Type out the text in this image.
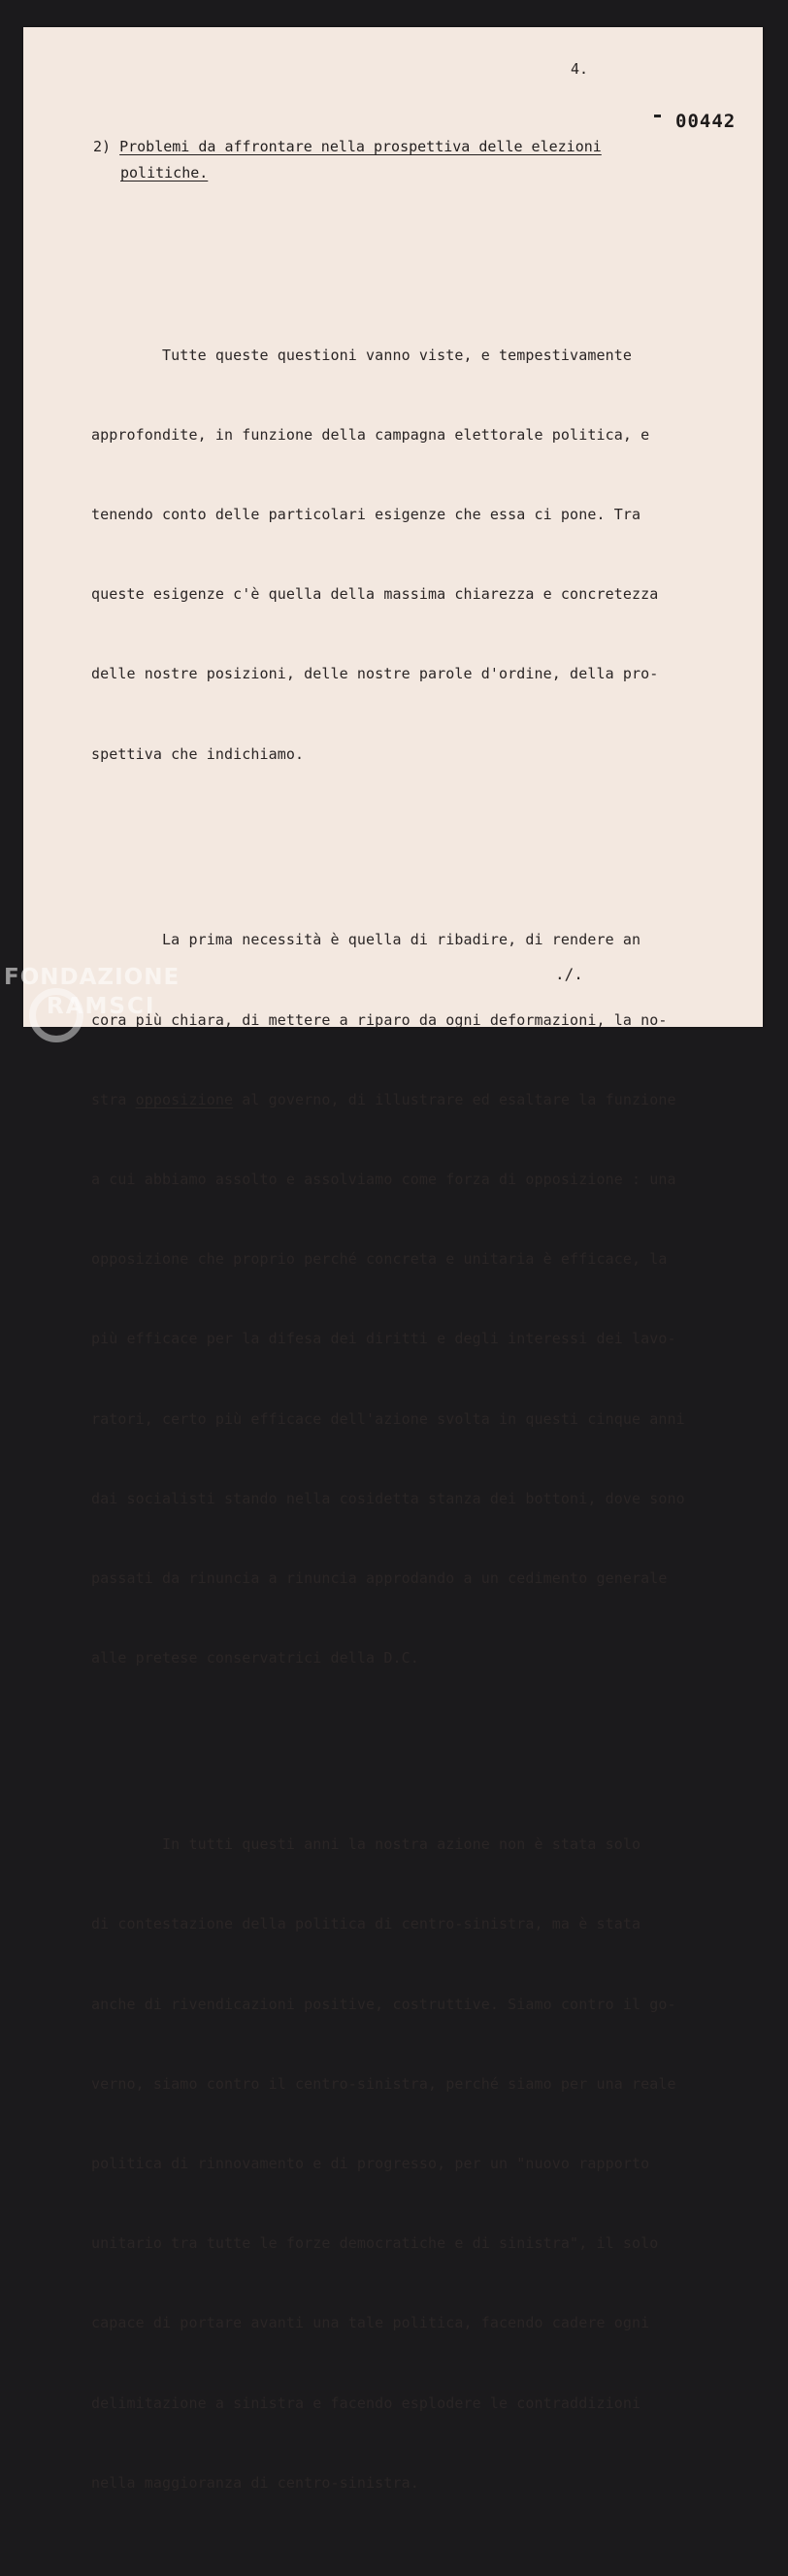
4.
00442
2) Problemi da affrontare nella prospettiva delle elezioni
politiche.

Tutte queste questioni vanno viste, e tempestivamente

approfondite, in funzione della campagna elettorale politica, e

tenendo conto delle particolari esigenze che essa ci pone. Tra

queste esigenze c'è quella della massima chiarezza e concretezza

delle nostre posizioni, delle nostre parole d'ordine, della pro-

spettiva che indichiamo.

La prima necessità è quella di ribadire, di rendere an

cora più chiara, di mettere a riparo da ogni deformazioni, la no-

stra opposizione al governo, di illustrare ed esaltare la funzione

a cui abbiamo assolto e assolviamo come forza di opposizione : una

opposizione che proprio perché concreta e unitaria è efficace, la

più efficace per la difesa dei diritti e degli interessi dei lavo-

ratori, certo più efficace dell'azione svolta in questi cinque anni

dai socialisti stando nella cosidetta stanza dei bottoni, dove sono

passati da rinuncia a rinuncia approdando a un cedimento generale

alle pretese conservatrici della D.C.

In tutti questi anni la nostra azione non è stata solo

di contestazione della politica di centro-sinistra, ma è stata

anche di rivendicazioni positive, costruttive. Siamo contro il go-

verno, siamo contro il centro-sinistra, perché siamo per una reale

politica di rinnovamento e di progresso, per un "nuovo rapporto

unitario tra tutte le forze democratiche e di sinistra", il solo

capace di portare avanti una tale politica, facendo cadere ogni

delimitazione a sinistra e facendo esplodere le contraddizioni

nella maggioranza di centro-sinistra.

./.
FONDAZIONE
RAMSCI
